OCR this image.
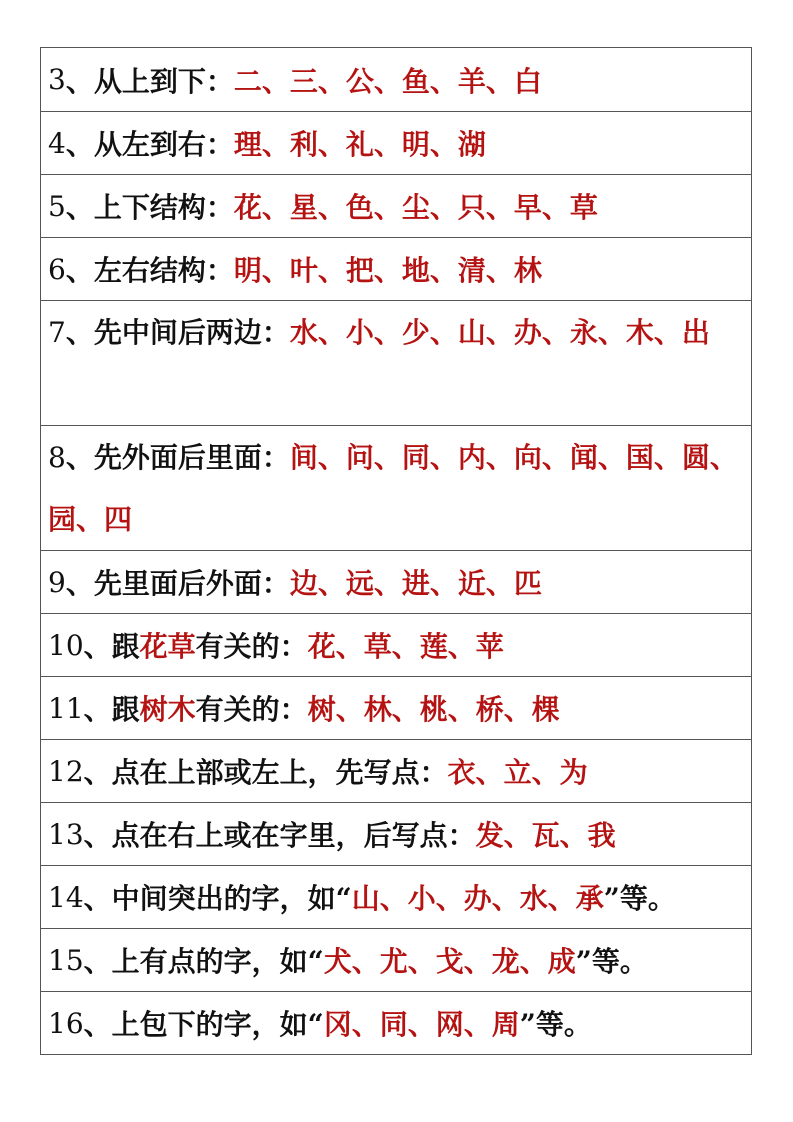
3 、从上到下： 二、三、公、鱼、羊、白
4 、从左到右： 理、利、礼、明、湖
5 、上下结构： 花、星、色、尘、只、早、草
6 、左右结构： 明、叶、把、地、清、林
7、先中间后两边：水、小、少、山、办、永、木、出
8、先外面后里面：间、问、同、内、向、闻、国、圆、园、四
9 、先里面后外面： 边、远、进、近、匹
10 、跟 花草 有关的： 花、草、莲、苹
11 、跟 树木 有关的： 树、林、桃、桥、棵
12 、点在上部或左上，先写点： 衣、立、为
13 、点在右上或在字里，后写点： 发、瓦、我
14 、中间突出的字，如“ 山、小、办、水、承 ”等。
15 、上有点的字，如“ 犬、尤、戈、龙、成 ”等。
16 、上包下的字，如“ 冈、同、网、周 ”等。
